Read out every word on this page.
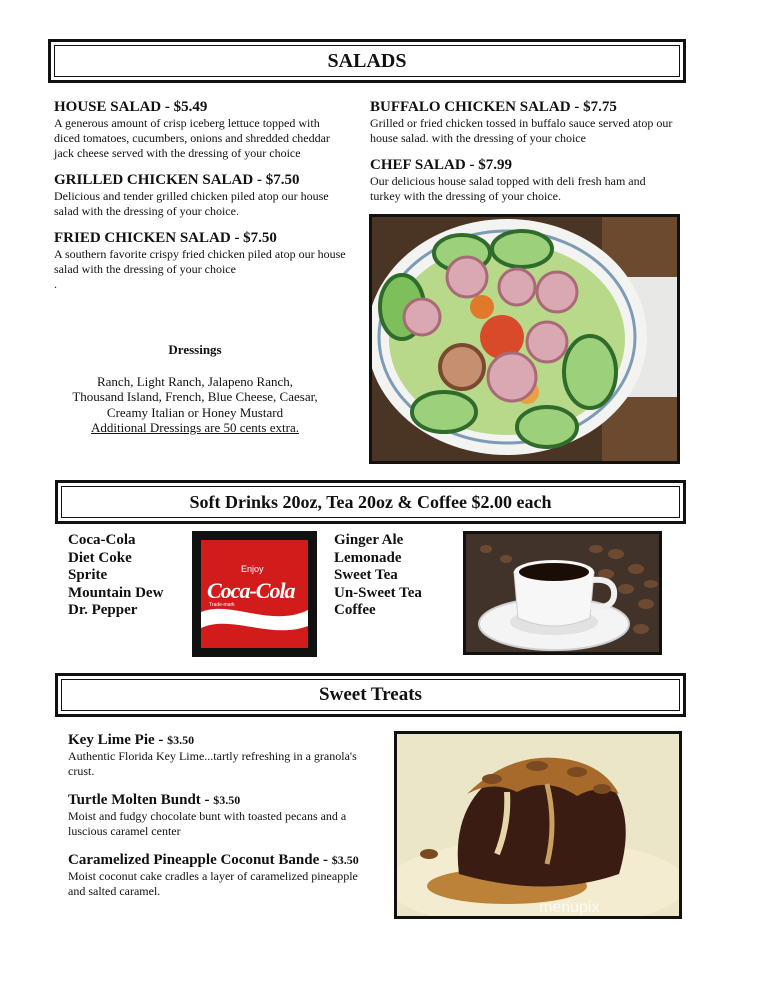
SALADS
HOUSE SALAD - $5.49
A generous amount of crisp iceberg lettuce topped with diced tomatoes, cucumbers, onions and shredded cheddar jack cheese served with the dressing of your choice
GRILLED CHICKEN SALAD - $7.50
Delicious and tender grilled chicken piled atop our house salad with the dressing of your choice.
FRIED CHICKEN SALAD - $7.50
A southern favorite crispy fried chicken piled atop our house salad with the dressing of your choice
.
Dressings
Ranch, Light Ranch, Jalapeno Ranch,
Thousand Island, French, Blue Cheese, Caesar,
Creamy Italian or Honey Mustard
Additional Dressings are 50 cents extra.
BUFFALO CHICKEN SALAD - $7.75
Grilled or fried chicken tossed in buffalo sauce served atop our house salad. with the dressing of your choice
CHEF SALAD - $7.99
Our delicious house salad topped with deli fresh ham and turkey with the dressing of your choice.
Soft Drinks 20oz, Tea 20oz & Coffee $2.00 each
Coca-Cola
Diet Coke
Sprite
Mountain Dew
Dr. Pepper
Enjoy
Coca-Cola
Trade-mark
Ginger Ale
Lemonade
Sweet Tea
Un-Sweet Tea
Coffee
Sweet Treats
Key Lime Pie - $3.50
Authentic Florida Key Lime...tartly refreshing in a granola's crust.
Turtle Molten Bundt - $3.50
Moist and fudgy chocolate bunt with toasted pecans and a luscious caramel center
Caramelized Pineapple Coconut Bande - $3.50
Moist coconut cake cradles a layer of caramelized pineapple and salted caramel.
menupix
